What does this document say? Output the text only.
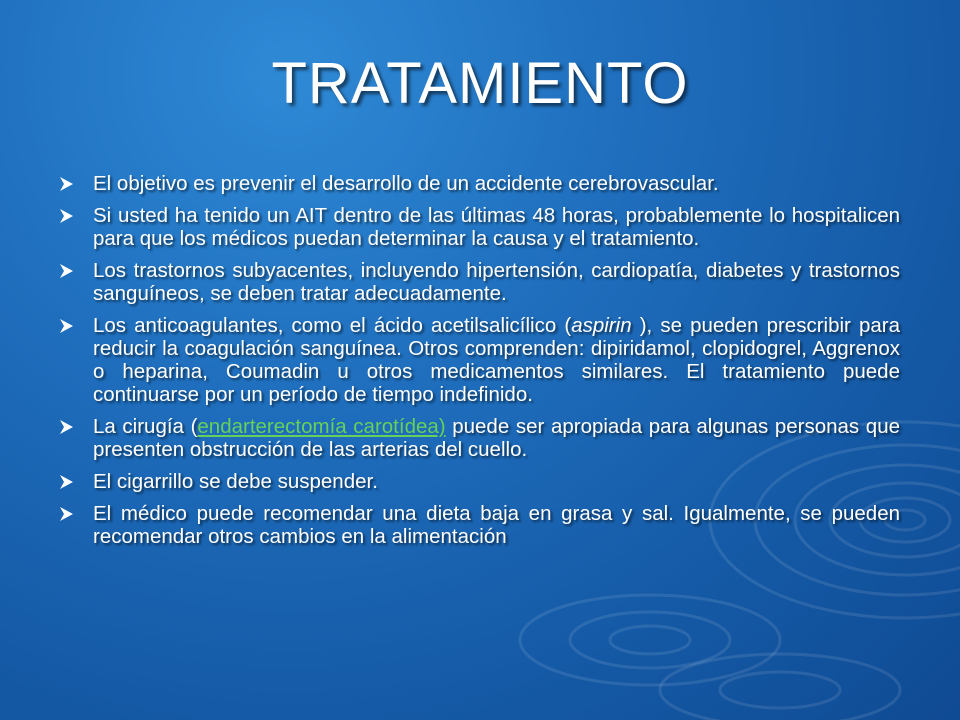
TRATAMIENTO
El objetivo es prevenir el desarrollo de un accidente cerebrovascular.
Si usted ha tenido un AIT dentro de las últimas 48 horas, probablemente lo hospitalicen para que los médicos puedan determinar la causa y el tratamiento.
Los trastornos subyacentes, incluyendo hipertensión, cardiopatía, diabetes y trastornos sanguíneos, se deben tratar adecuadamente.
Los anticoagulantes, como el ácido acetilsalicílico (aspirin ), se pueden prescribir para reducir la coagulación sanguínea. Otros comprenden: dipiridamol, clopidogrel, Aggrenox o heparina, Coumadin u otros medicamentos similares. El tratamiento puede continuarse por un período de tiempo indefinido.
La cirugía (endarterectomía carotídea) puede ser apropiada para algunas personas que presenten obstrucción de las arterias del cuello.
El cigarrillo se debe suspender.
El médico puede recomendar una dieta baja en grasa y sal. Igualmente, se pueden recomendar otros cambios en la alimentación
